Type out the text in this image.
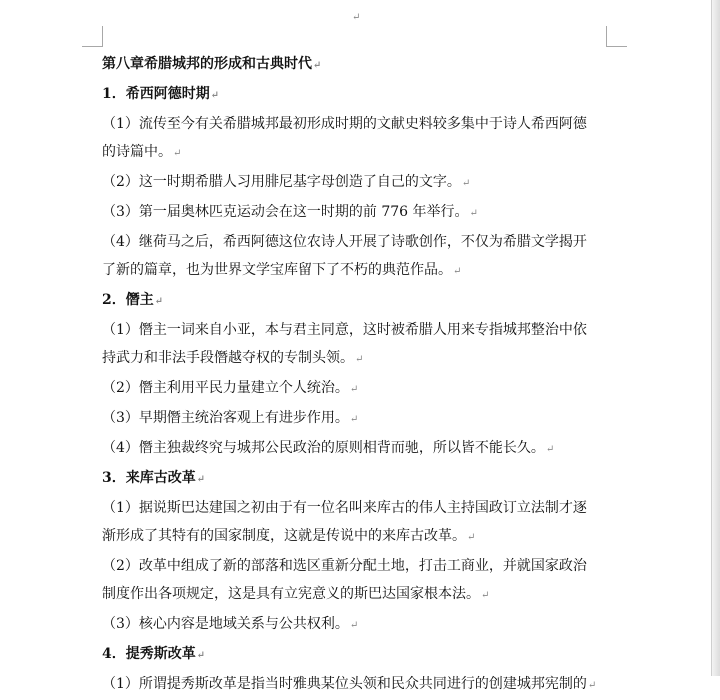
↵

第八章希腊城邦的形成和古典时代↵

1．希西阿德时期↵

（1）流传至今有关希腊城邦最初形成时期的文献史料较多集中于诗人希西阿德
的诗篇中。↵

（2）这一时期希腊人习用腓尼基字母创造了自己的文字。↵

（3）第一届奥林匹克运动会在这一时期的前 776 年举行。↵

（4）继荷马之后，希西阿德这位农诗人开展了诗歌创作，不仅为希腊文学揭开
了新的篇章，也为世界文学宝库留下了不朽的典范作品。↵

2．僭主↵

（1）僭主一词来自小亚，本与君主同意，这时被希腊人用来专指城邦整治中依
持武力和非法手段僭越夺权的专制头领。↵

（2）僭主利用平民力量建立个人统治。↵

（3）早期僭主统治客观上有进步作用。↵

（4）僭主独裁终究与城邦公民政治的原则相背而驰，所以皆不能长久。↵

3．来库古改革↵

（1）据说斯巴达建国之初由于有一位名叫来库古的伟人主持国政订立法制才逐
渐形成了其特有的国家制度，这就是传说中的来库古改革。↵

（2）改革中组成了新的部落和选区重新分配土地，打击工商业，并就国家政治
制度作出各项规定，这是具有立宪意义的斯巴达国家根本法。↵

（3）核心内容是地域关系与公共权利。↵

4．提秀斯改革↵

（1）所谓提秀斯改革是指当时雅典某位头领和民众共同进行的创建城邦宪制的↵
